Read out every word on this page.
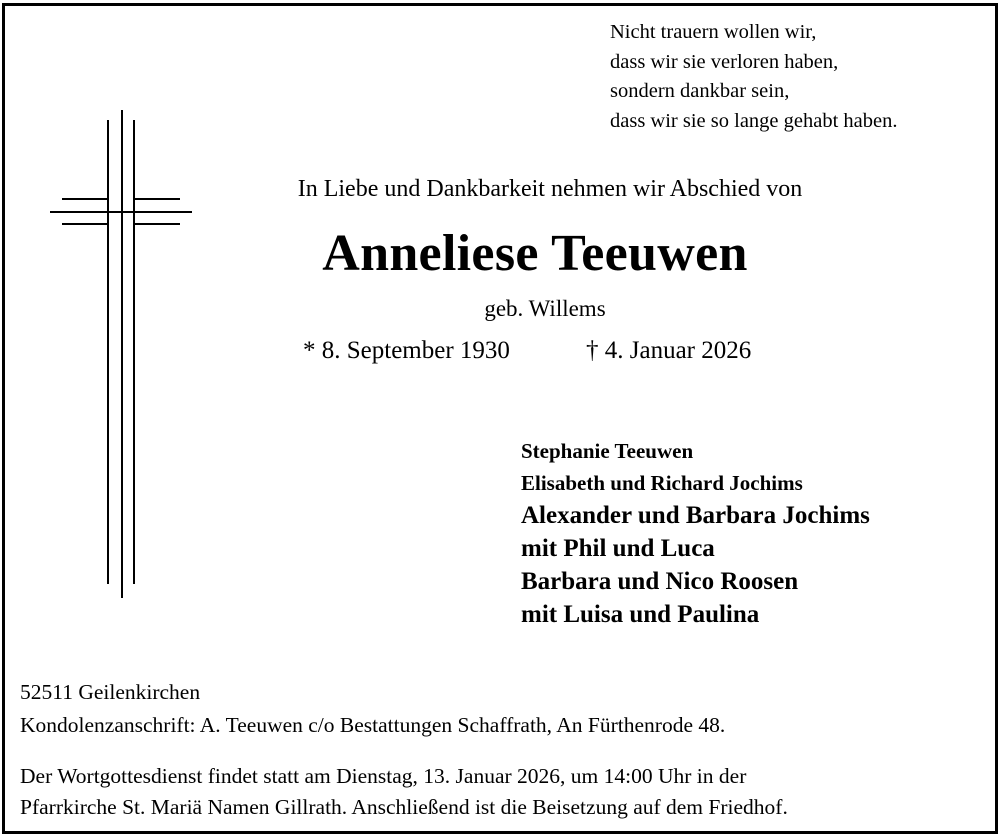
Nicht trauern wollen wir,
dass wir sie verloren haben,
sondern dankbar sein,
dass wir sie so lange gehabt haben.
In Liebe und Dankbarkeit nehmen wir Abschied von
Anneliese Teeuwen
geb. Willems
* 8. September 1930	† 4. Januar 2026
Stephanie Teeuwen
Elisabeth und Richard Jochims
Alexander und Barbara Jochims
mit Phil und Luca
Barbara und Nico Roosen
mit Luisa und Paulina
52511 Geilenkirchen
Kondolenzanschrift: A. Teeuwen c/o Bestattungen Schaffrath, An Fürthenrode 48.
Der Wortgottesdienst findet statt am Dienstag, 13. Januar 2026, um 14:00 Uhr in der
Pfarrkirche St. Mariä Namen Gillrath. Anschließend ist die Beisetzung auf dem Friedhof.
